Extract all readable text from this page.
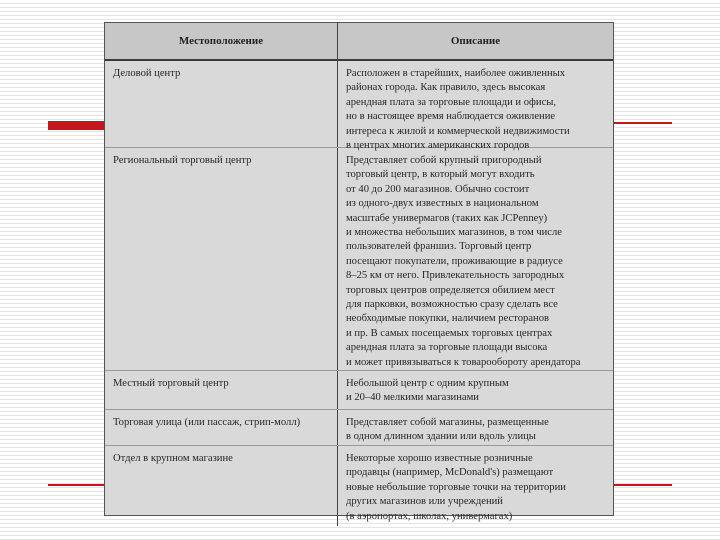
Местоположение	Описание
Деловой центр	Расположен в старейших, наиболее оживленных
районах города. Как правило, здесь высокая
арендная плата за торговые площади и офисы,
но в настоящее время наблюдается оживление
интереса к жилой и коммерческой недвижимости
в центрах многих американских городов
Региональный торговый центр	Представляет собой крупный пригородный
торговый центр, в который могут входить
от 40 до 200 магазинов. Обычно состоит
из одного-двух известных в национальном
масштабе универмагов (таких как JCPenney)
и множества небольших магазинов, в том числе
пользователей франшиз. Торговый центр
посещают покупатели, проживающие в радиусе
8–25 км от него. Привлекательность загородных
торговых центров определяется обилием мест
для парковки, возможностью сразу сделать все
необходимые покупки, наличием ресторанов
и пр. В самых посещаемых торговых центрах
арендная плата за торговые площади высока
и может привязываться к товарообороту арендатора
Местный торговый центр	Небольшой центр с одним крупным
и 20–40 мелкими магазинами
Торговая улица (или пассаж, стрип-молл)	Представляет собой магазины, размещенные
в одном длинном здании или вдоль улицы
Отдел в крупном магазине	Некоторые хорошо известные розничные
продавцы (например, McDonald's) размещают
новые небольшие торговые точки на территории
других магазинов или учреждений
(в аэропортах, школах, универмагах)
